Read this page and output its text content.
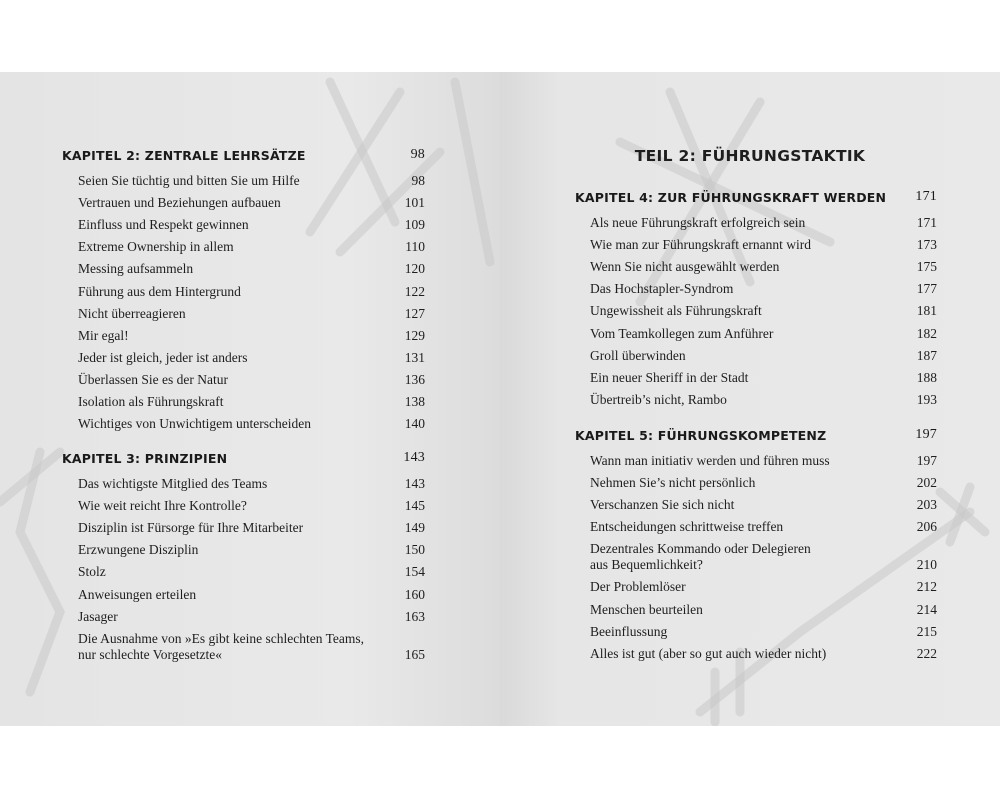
KAPITEL 2: ZENTRALE LEHRSÄTZE	98
Seien Sie tüchtig und bitten Sie um Hilfe	98
Vertrauen und Beziehungen aufbauen	101
Einfluss und Respekt gewinnen	109
Extreme Ownership in allem	110
Messing aufsammeln	120
Führung aus dem Hintergrund	122
Nicht überreagieren	127
Mir egal!	129
Jeder ist gleich, jeder ist anders	131
Überlassen Sie es der Natur	136
Isolation als Führungskraft	138
Wichtiges von Unwichtigem unterscheiden	140
KAPITEL 3: PRINZIPIEN	143
Das wichtigste Mitglied des Teams	143
Wie weit reicht Ihre Kontrolle?	145
Disziplin ist Fürsorge für Ihre Mitarbeiter	149
Erzwungene Disziplin	150
Stolz	154
Anweisungen erteilen	160
Jasager	163
Die Ausnahme von »Es gibt keine schlechten Teams,
nur schlechte Vorgesetzte«	165
TEIL 2: FÜHRUNGSTAKTIK
KAPITEL 4: ZUR FÜHRUNGSKRAFT WERDEN 171
Als neue Führungskraft erfolgreich sein	171
Wie man zur Führungskraft ernannt wird	173
Wenn Sie nicht ausgewählt werden	175
Das Hochstapler-Syndrom	177
Ungewissheit als Führungskraft	181
Vom Teamkollegen zum Anführer	182
Groll überwinden	187
Ein neuer Sheriff in der Stadt	188
Übertreib’s nicht, Rambo	193
KAPITEL 5: FÜHRUNGSKOMPETENZ	197
Wann man initiativ werden und führen muss	197
Nehmen Sie’s nicht persönlich	202
Verschanzen Sie sich nicht	203
Entscheidungen schrittweise treffen	206
Dezentrales Kommando oder Delegieren
aus Bequemlichkeit?	210
Der Problemlöser	212
Menschen beurteilen	214
Beeinflussung	215
Alles ist gut (aber so gut auch wieder nicht)	222
